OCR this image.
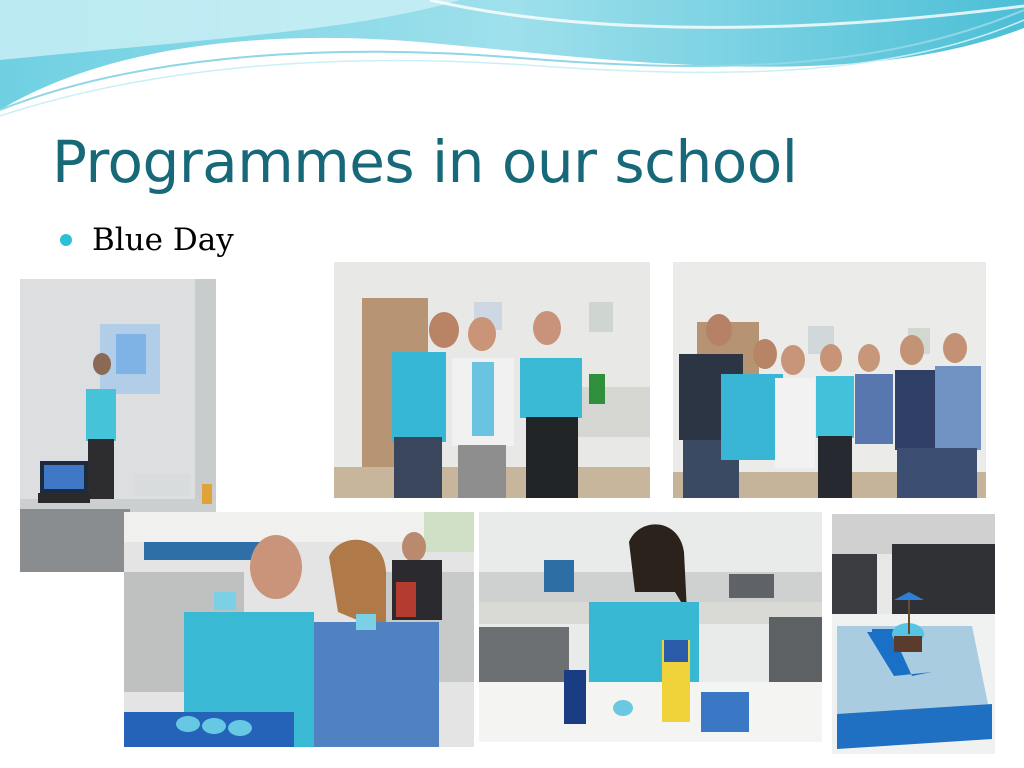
Programmes in our school
Blue Day
